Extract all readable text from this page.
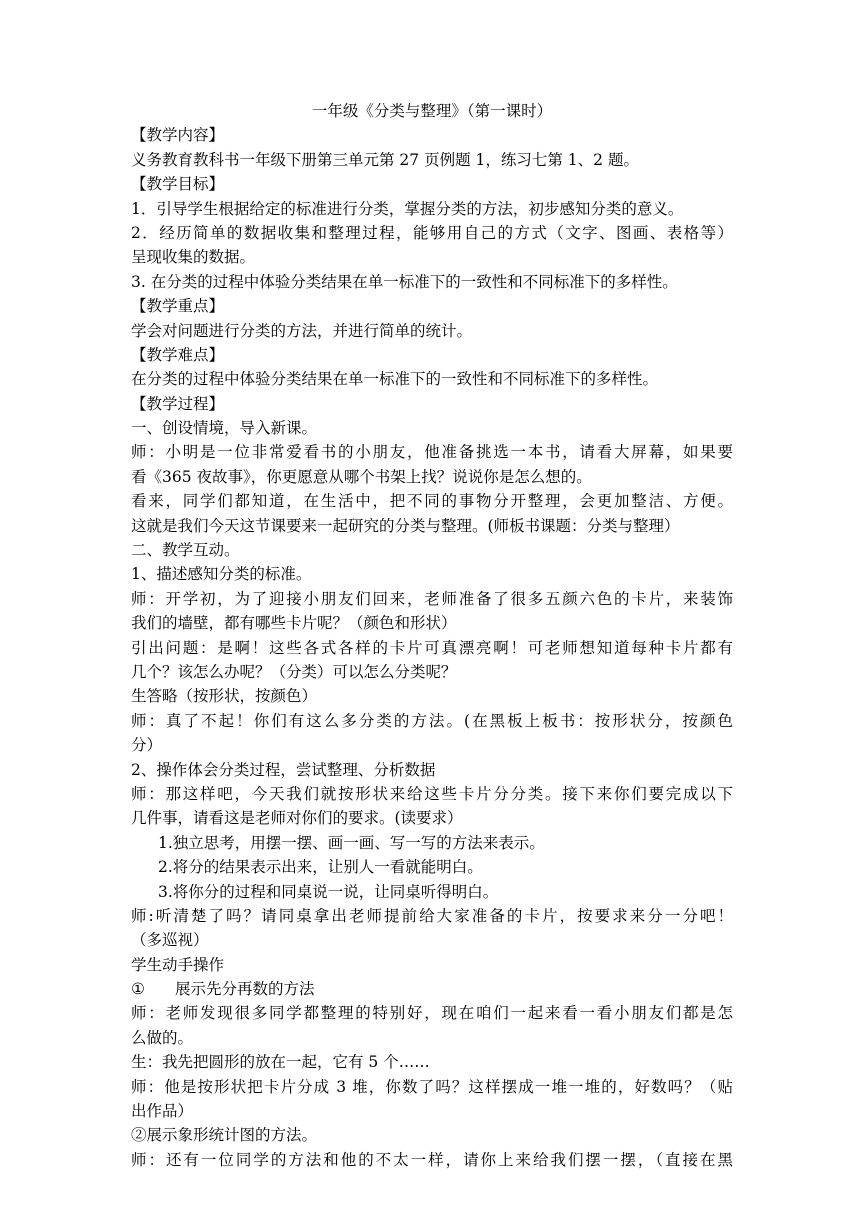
一年级《分类与整理》（第一课时）
【教学内容】
义务教育教科书一年级下册第三单元第 27 页例题 1，练习七第 1、2 题。
【教学目标】
1．引导学生根据给定的标准进行分类，掌握分类的方法，初步感知分类的意义。
2．经历简单的数据收集和整理过程，能够用自己的方式（文字、图画、表格等）
呈现收集的数据。
3. 在分类的过程中体验分类结果在单一标准下的一致性和不同标准下的多样性。
【教学重点】
学会对问题进行分类的方法，并进行简单的统计。
【教学难点】
在分类的过程中体验分类结果在单一标准下的一致性和不同标准下的多样性。
【教学过程】
一、创设情境，导入新课。
师：小明是一位非常爱看书的小朋友，他准备挑选一本书，请看大屏幕，如果要
看《365 夜故事》，你更愿意从哪个书架上找？说说你是怎么想的。
看来，同学们都知道，在生活中，把不同的事物分开整理，会更加整洁、方便。
这就是我们今天这节课要来一起研究的分类与整理。(师板书课题：分类与整理）
二、教学互动。
1、描述感知分类的标准。
师：开学初，为了迎接小朋友们回来，老师准备了很多五颜六色的卡片，来装饰
我们的墙壁，都有哪些卡片呢？（颜色和形状）
引出问题：是啊！这些各式各样的卡片可真漂亮啊！可老师想知道每种卡片都有
几个？该怎么办呢？（分类）可以怎么分类呢？
生答略（按形状，按颜色）
师：真了不起！你们有这么多分类的方法。(在黑板上板书：按形状分，按颜色
分）
2、操作体会分类过程，尝试整理、分析数据
师：那这样吧，今天我们就按形状来给这些卡片分分类。接下来你们要完成以下
几件事，请看这是老师对你们的要求。(读要求）
1.独立思考，用摆一摆、画一画、写一写的方法来表示。
2.将分的结果表示出来，让别人一看就能明白。
3.将你分的过程和同桌说一说，让同桌听得明白。
师:听清楚了吗？请同桌拿出老师提前给大家准备的卡片，按要求来分一分吧！
（多巡视）
学生动手操作
① 展示先分再数的方法
师：老师发现很多同学都整理的特别好，现在咱们一起来看一看小朋友们都是怎
么做的。
生：我先把圆形的放在一起，它有 5 个……
师：他是按形状把卡片分成 3 堆，你数了吗？这样摆成一堆一堆的，好数吗？（贴
出作品）
②展示象形统计图的方法。
师：还有一位同学的方法和他的不太一样，请你上来给我们摆一摆，（直接在黑
